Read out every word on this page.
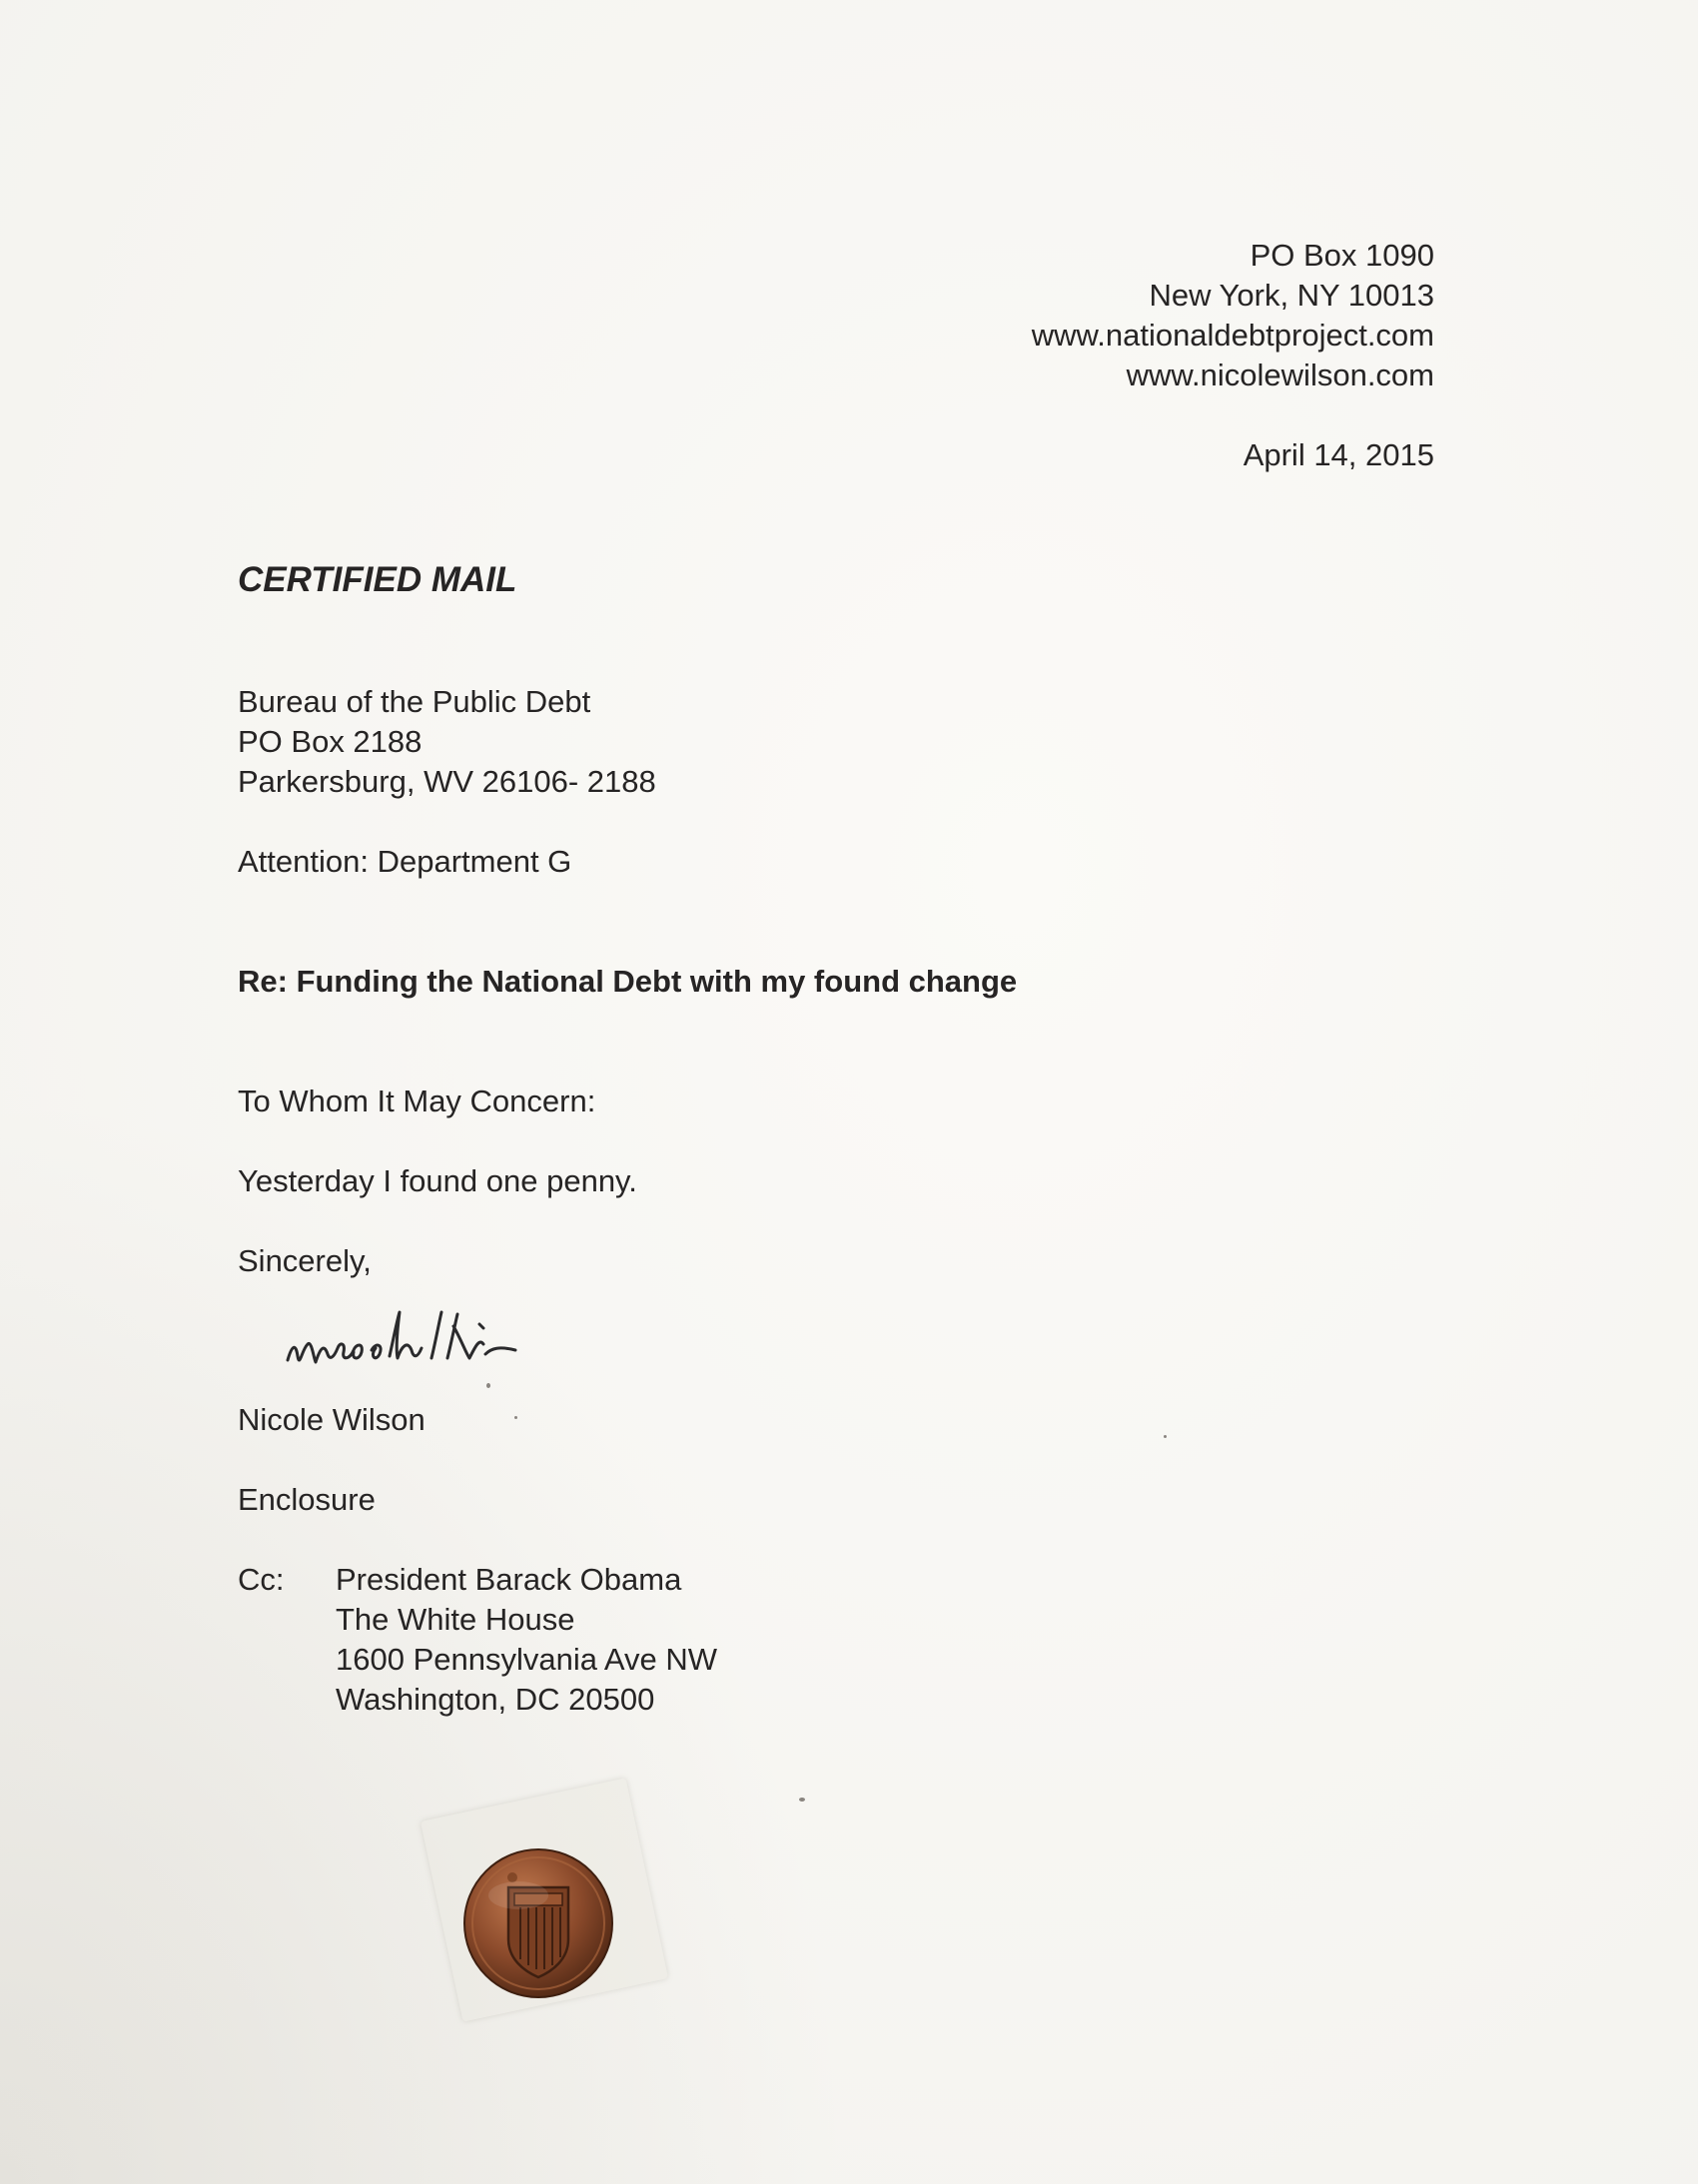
PO Box 1090
New York, NY 10013
www.nationaldebtproject.com
www.nicolewilson.com
April 14, 2015
CERTIFIED MAIL
Bureau of the Public Debt
PO Box 2188
Parkersburg, WV 26106- 2188
Attention: Department G
Re: Funding the National Debt with my found change
To Whom It May Concern:
Yesterday I found one penny.
Sincerely,
Nicole Wilson
Enclosure
Cc: President Barack Obama
The White House
1600 Pennsylvania Ave NW
Washington, DC 20500
